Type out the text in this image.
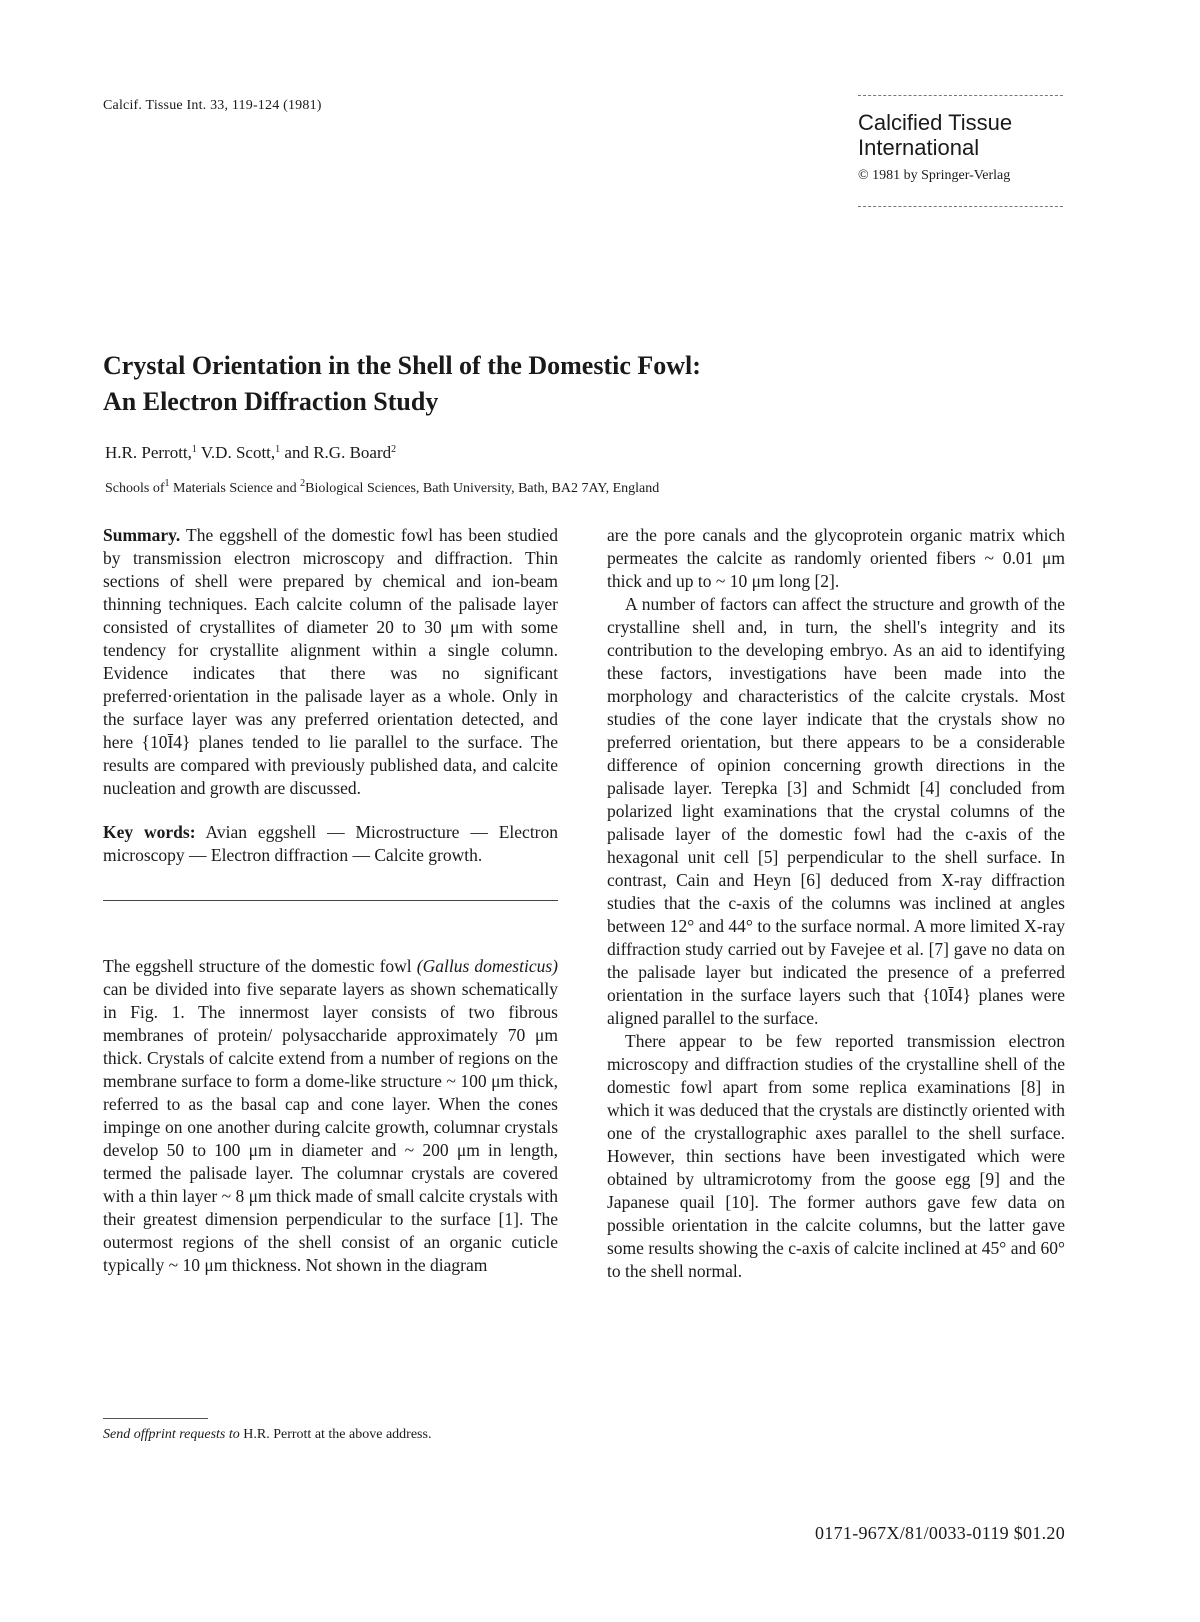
Calcif. Tissue Int. 33, 119-124 (1981)
Calcified Tissue
International
© 1981 by Springer-Verlag
Crystal Orientation in the Shell of the Domestic Fowl:
An Electron Diffraction Study
H.R. Perrott,$^1$ V.D. Scott,$^1$ and R.G. Board$^2$
Schools $of^1$ Materials Science and $^2$Biological Sciences, Bath University, Bath, BA2 7AY, England

Summary. The eggshell of the domestic fowl has been studied by transmission electron microscopy and diffraction. Thin sections of shell were prepared by chemical and ion-beam thinning techniques. Each calcite column of the palisade layer consisted of crystallites of diameter 20 to 30 μm with some tendency for crystallite alignment within a single column. Evidence indicates that there was no significant preferred·orientation in the palisade layer as a whole. Only in the surface layer was any preferred orientation detected, and here {10Ī4} planes tended to lie parallel to the surface. The results are compared with previously published data, and calcite nucleation and growth are discussed.

Key words: Avian eggshell — Microstructure — Electron microscopy — Electron diffraction — Calcite growth.

The eggshell structure of the domestic fowl (Gallus domesticus) can be divided into five separate layers as shown schematically in Fig. 1. The innermost layer consists of two fibrous membranes of protein/ polysaccharide approximately 70 μm thick. Crystals of calcite extend from a number of regions on the membrane surface to form a dome-like structure ~ 100 μm thick, referred to as the basal cap and cone layer. When the cones impinge on one another during calcite growth, columnar crystals develop 50 to 100 μm in diameter and ~ 200 μm in length, termed the palisade layer. The columnar crystals are covered with a thin layer ~ 8 μm thick made of small calcite crystals with their greatest dimension perpendicular to the surface [1]. The outermost regions of the shell consist of an organic cuticle typically ~ 10 μm thickness. Not shown in the diagram

are the pore canals and the glycoprotein organic matrix which permeates the calcite as randomly oriented fibers ~ 0.01 μm thick and up to ~ 10 μm long [2].

A number of factors can affect the structure and growth of the crystalline shell and, in turn, the shell's integrity and its contribution to the developing embryo. As an aid to identifying these factors, investigations have been made into the morphology and characteristics of the calcite crystals. Most studies of the cone layer indicate that the crystals show no preferred orientation, but there appears to be a considerable difference of opinion concerning growth directions in the palisade layer. Terepka [3] and Schmidt [4] concluded from polarized light examinations that the crystal columns of the palisade layer of the domestic fowl had the c-axis of the hexagonal unit cell [5] perpendicular to the shell surface. In contrast, Cain and Heyn [6] deduced from X-ray diffraction studies that the c-axis of the columns was inclined at angles between 12° and 44° to the surface normal. A more limited X-ray diffraction study carried out by Favejee et al. [7] gave no data on the palisade layer but indicated the presence of a preferred orientation in the surface layers such that {10Ī4} planes were aligned parallel to the surface.

There appear to be few reported transmission electron microscopy and diffraction studies of the crystalline shell of the domestic fowl apart from some replica examinations [8] in which it was deduced that the crystals are distinctly oriented with one of the crystallographic axes parallel to the shell surface. However, thin sections have been investigated which were obtained by ultramicrotomy from the goose egg [9] and the Japanese quail [10]. The former authors gave few data on possible orientation in the calcite columns, but the latter gave some results showing the c-axis of calcite inclined at 45° and 60° to the shell normal.

Send offprint requests to H.R. Perrott at the above address.
0171-967X/81/0033-0119 $01.20
